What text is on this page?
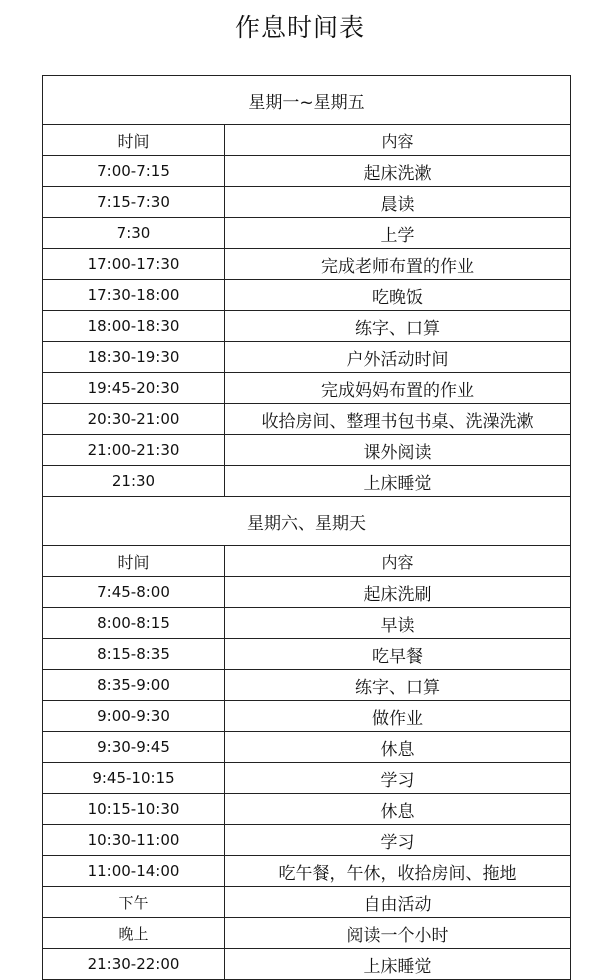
作息时间表
星期一~星期五	
时间	内容
7:00-7:15	起床洗漱
7:15-7:30	晨读
7:30	上学
17:00-17:30	完成老师布置的作业
17:30-18:00	吃晚饭
18:00-18:30	练字、口算
18:30-19:30	户外活动时间
19:45-20:30	完成妈妈布置的作业
20:30-21:00	收拾房间、整理书包书桌、洗澡洗漱
21:00-21:30	课外阅读
21:30	上床睡觉
星期六、星期天	
时间	内容
7:45-8:00	起床洗刷
8:00-8:15	早读
8:15-8:35	吃早餐
8:35-9:00	练字、口算
9:00-9:30	做作业
9:30-9:45	休息
9:45-10:15	学习
10:15-10:30	休息
10:30-11:00	学习
11:00-14:00	吃午餐，午休，收拾房间、拖地
下午	自由活动
晚上	阅读一个小时
21:30-22:00	上床睡觉
